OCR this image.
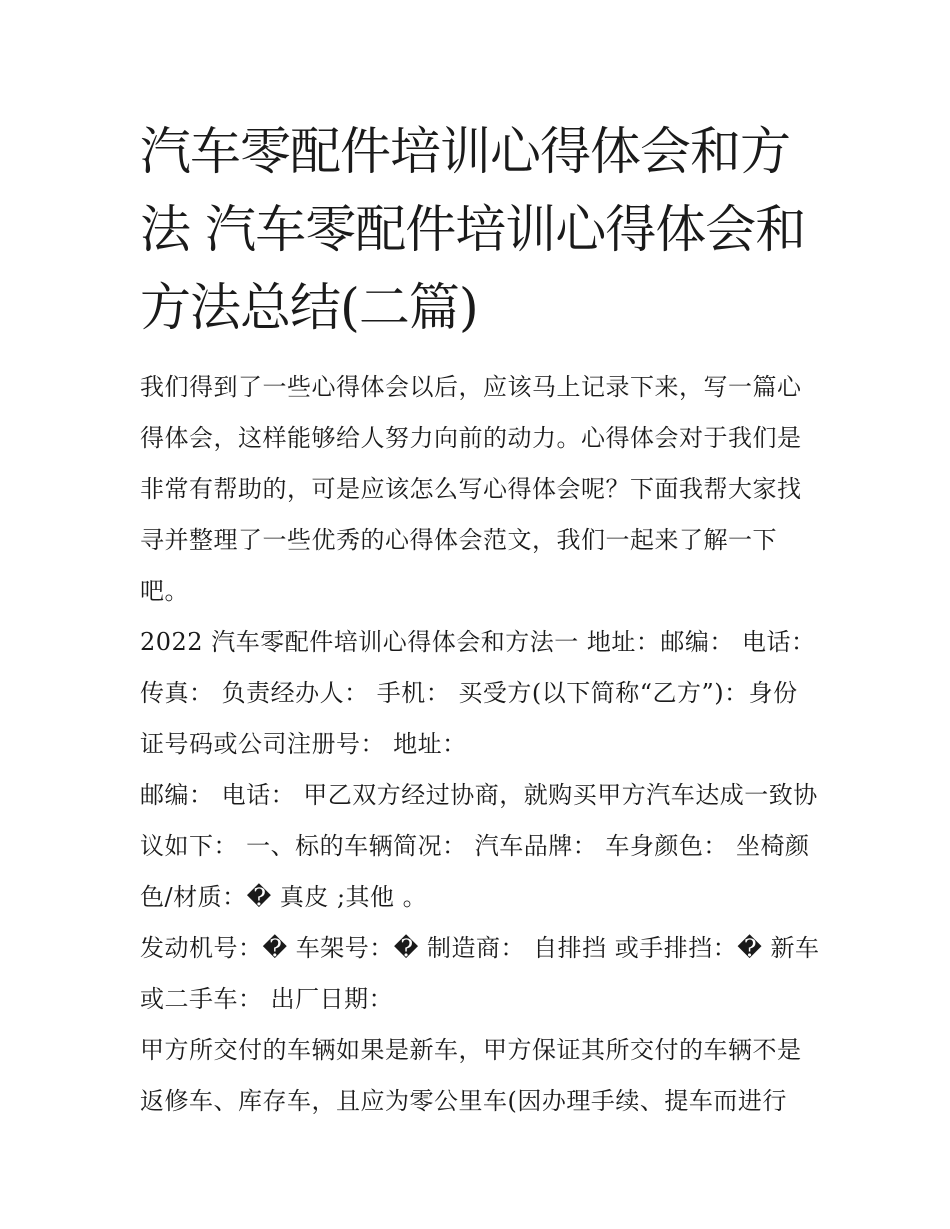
汽车零配件培训心得体会和方法 汽车零配件培训心得体会和方法总结(二篇)

我们得到了一些心得体会以后，应该马上记录下来，写一篇心得体会，这样能够给人努力向前的动力。心得体会对于我们是非常有帮助的，可是应该怎么写心得体会呢？下面我帮大家找寻并整理了一些优秀的心得体会范文，我们一起来了解一下吧。

2022 汽车零配件培训心得体会和方法一 地址：邮编： 电话：传真： 负责经办人： 手机： 买受方(以下简称“乙方”)：身份证号码或公司注册号： 地址：

邮编： 电话： 甲乙双方经过协商，就购买甲方汽车达成一致协议如下： 一、标的车辆简况： 汽车品牌： 车身颜色： 坐椅颜色/材质：� 真皮 ;其他 。

发动机号：� 车架号：� 制造商： 自排挡 或手排挡：� 新车 或二手车： 出厂日期：

甲方所交付的车辆如果是新车，甲方保证其所交付的车辆不是返修车、库存车，且应为零公里车(因办理手续、提车而进行
